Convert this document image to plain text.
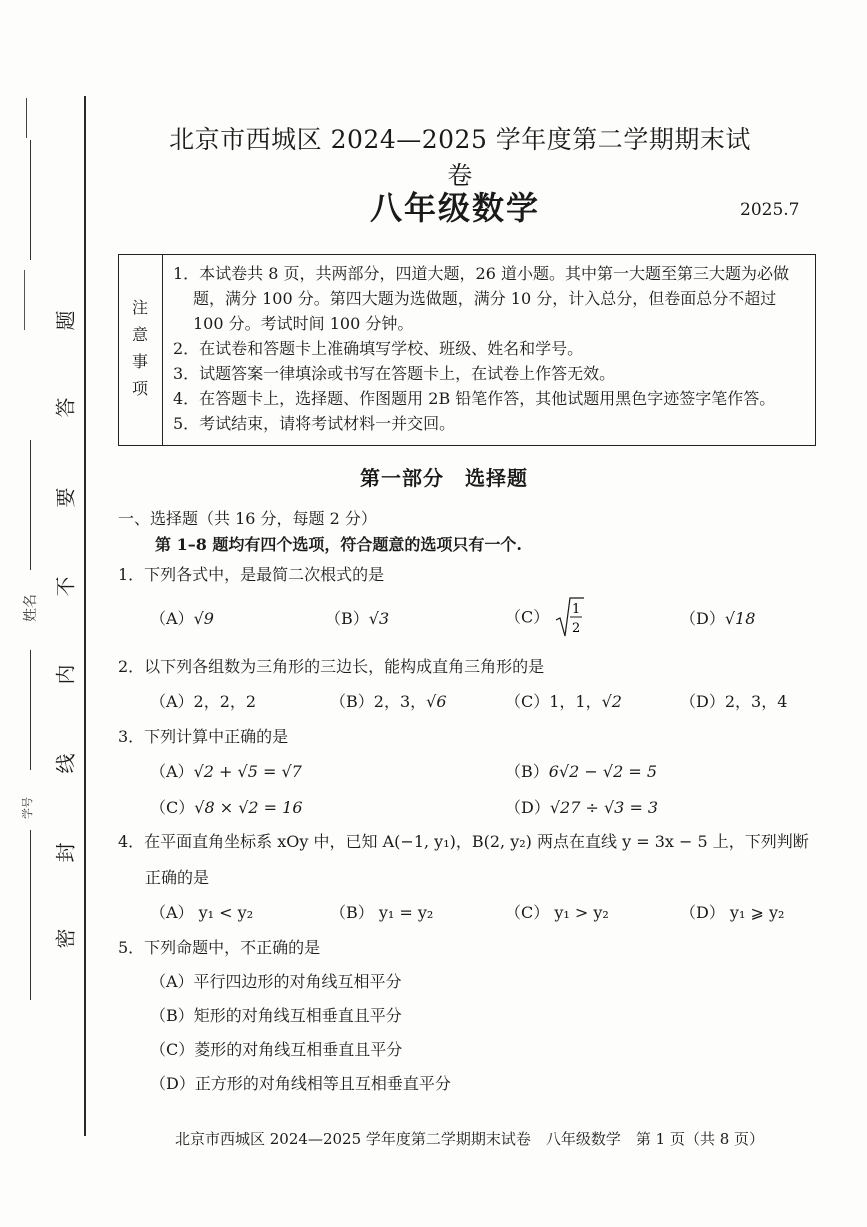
姓名
学号
题
答
要
不
内
线
封
密
北京市西城区 2024—2025 学年度第二学期期末试卷
八年级数学	2025.7
注
意
事
项

1．本试卷共 8 页，共两部分，四道大题，26 道小题。其中第一大题至第三大题为必做题，满分 100 分。第四大题为选做题，满分 10 分，计入总分，但卷面总分不超过 100 分。考试时间 100 分钟。

2．在试卷和答题卡上准确填写学校、班级、姓名和学号。

3．试题答案一律填涂或书写在答题卡上，在试卷上作答无效。

4．在答题卡上，选择题、作图题用 2B 铅笔作答，其他试题用黑色字迹签字笔作答。

5．考试结束，请将考试材料一并交回。

第一部分　选择题
一、选择题（共 16 分，每题 2 分）
第 1–8 题均有四个选项，符合题意的选项只有一个.
1．下列各式中，是最简二次根式的是
（A）√9	（B）√3	（C） 1
2
（D）√18
2．以下列各组数为三角形的三边长，能构成直角三角形的是
（A）2，2，2	（B）2，3，√6	（C）1，1，√2	（D）2，3，4
3．下列计算中正确的是
（A）√2 + √5 = √7	（B）6√2 − √2 = 5
（C）√8 × √2 = 16	（D）√27 ÷ √3 = 3
4．在平面直角坐标系 xOy 中，已知 A(−1, y₁)，B(2, y₂) 两点在直线 y = 3x − 5 上，下列判断
正确的是
（A） y₁ < y₂	（B） y₁ = y₂	（C） y₁ > y₂	（D） y₁ ⩾ y₂
5．下列命题中，不正确的是
（A）平行四边形的对角线互相平分
（B）矩形的对角线互相垂直且平分
（C）菱形的对角线互相垂直且平分
（D）正方形的对角线相等且互相垂直平分
北京市西城区 2024—2025 学年度第二学期期末试卷　八年级数学　第 1 页（共 8 页）
